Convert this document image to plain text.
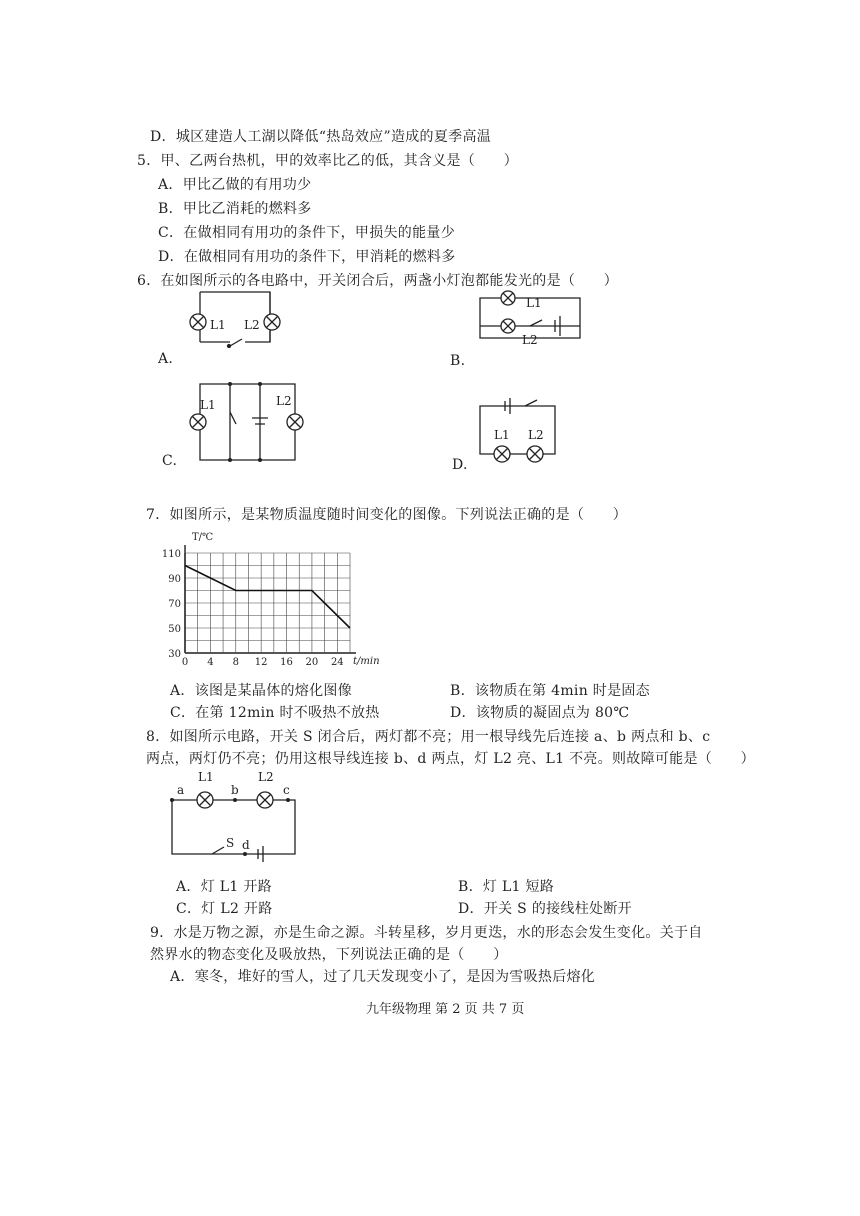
D．城区建造人工湖以降低“热岛效应”造成的夏季高温
5．甲、乙两台热机，甲的效率比乙的低，其含义是（　　）
A．甲比乙做的有用功少
B．甲比乙消耗的燃料多
C．在做相同有用功的条件下，甲损失的能量少
D．在做相同有用功的条件下，甲消耗的燃料多
6．在如图所示的各电路中，开关闭合后，两盏小灯泡都能发光的是（　　）
L1 L2
A.
L1
L2
B.
L1	L2
C.
L1 L2
D.
7．如图所示，是某物质温度随时间变化的图像。下列说法正确的是（　　）
T/℃
0 4 8 12 16 20 24
30
50
70
90
110
t/min
A．该图是某晶体的熔化图像	B．该物质在第 4min 时是固态
C．在第 12min 时不吸热不放热	D．该物质的凝固点为 80℃
8．如图所示电路，开关 S 闭合后，两灯都不亮；用一根导线先后连接 a、b 两点和 b、c
两点，两灯仍不亮；仍用这根导线连接 b、d 两点，灯 L2 亮、L1 不亮。则故障可能是（　　）
a	b	c
d
S
L1	L2
A．灯 L1 开路	B．灯 L1 短路
C．灯 L2 开路	D．开关 S 的接线柱处断开
9．水是万物之源，亦是生命之源。斗转星移，岁月更迭，水的形态会发生变化。关于自
然界水的物态变化及吸放热，下列说法正确的是（　　）
A．寒冬，堆好的雪人，过了几天发现变小了，是因为雪吸热后熔化
九年级物理 第 2 页 共 7 页
